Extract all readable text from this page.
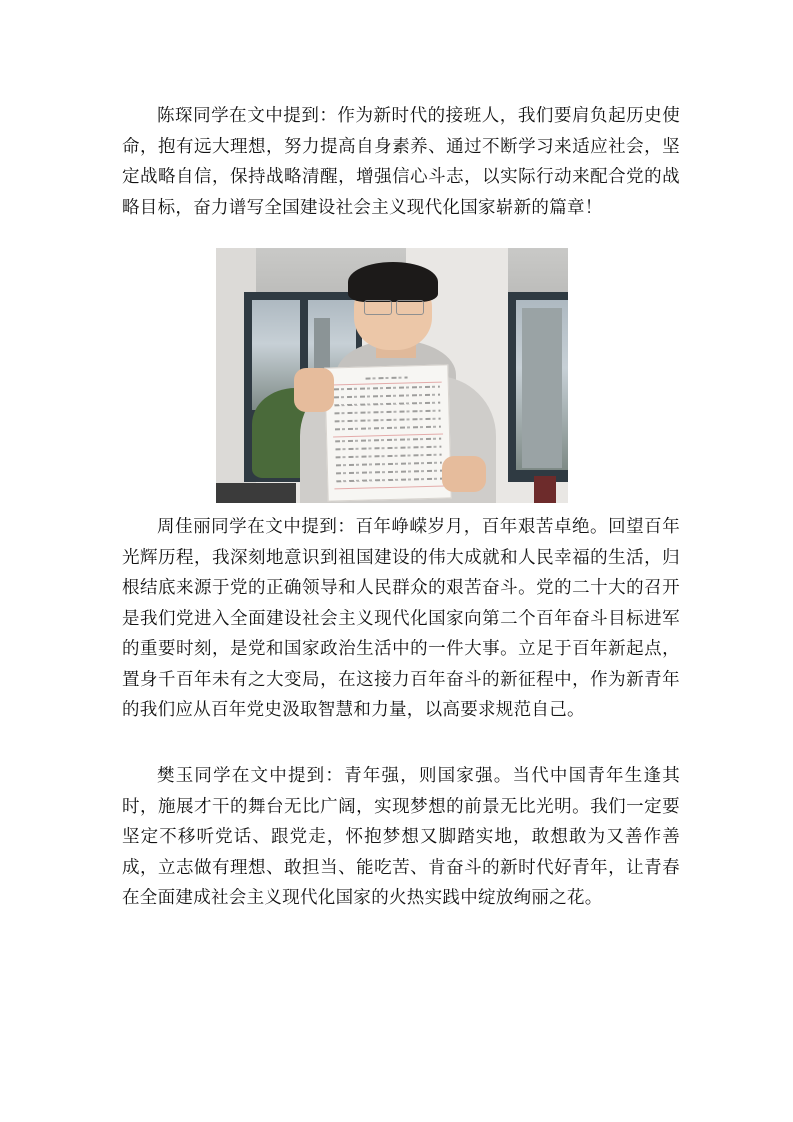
陈琛同学在文中提到：作为新时代的接班人，我们要肩负起历史使命，抱有远大理想，努力提高自身素养、通过不断学习来适应社会，坚定战略自信，保持战略清醒，增强信心斗志，以实际行动来配合党的战略目标，奋力谱写全国建设社会主义现代化国家崭新的篇章！

周佳丽同学在文中提到：百年峥嵘岁月，百年艰苦卓绝。回望百年光辉历程，我深刻地意识到祖国建设的伟大成就和人民幸福的生活，归根结底来源于党的正确领导和人民群众的艰苦奋斗。党的二十大的召开是我们党进入全面建设社会主义现代化国家向第二个百年奋斗目标进军的重要时刻，是党和国家政治生活中的一件大事。立足于百年新起点，置身千百年未有之大变局，在这接力百年奋斗的新征程中，作为新青年的我们应从百年党史汲取智慧和力量，以高要求规范自己。

樊玉同学在文中提到：青年强，则国家强。当代中国青年生逢其时，施展才干的舞台无比广阔，实现梦想的前景无比光明。我们一定要坚定不移听党话、跟党走，怀抱梦想又脚踏实地，敢想敢为又善作善成，立志做有理想、敢担当、能吃苦、肯奋斗的新时代好青年，让青春在全面建成社会主义现代化国家的火热实践中绽放绚丽之花。
